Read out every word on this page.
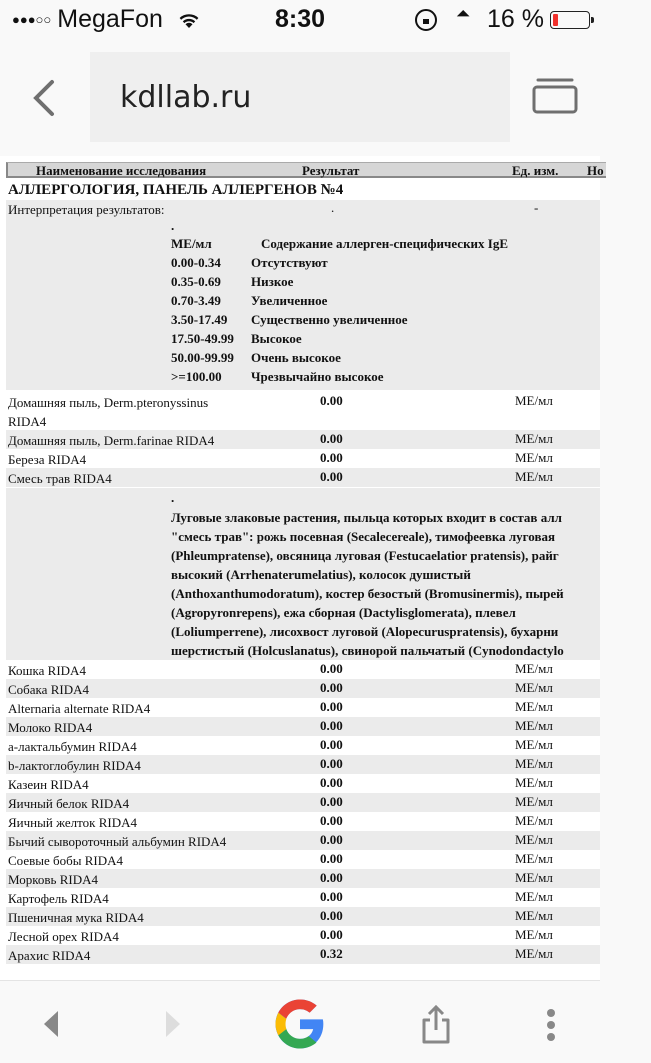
●●●○○ MegaFon	8:30	16 %
kdllab.ru
Наименование исследования	Результат	Ед. изм. Но
АЛЛЕРГОЛОГИЯ, ПАНЕЛЬ АЛЛЕРГЕНОВ №4
Интерпретация результатов:	.	-
.
МЕ/мл	Содержание аллерген-специфических IgE
0.00-0.34 Отсутствуют
0.35-0.69 Низкое
0.70-3.49 Увеличенное
3.50-17.49 Существенно увеличенное
17.50-49.99 Высокое
50.00-99.99 Очень высокое
>=100.00 Чрезвычайно высокое
Домашняя пыль, Derm.pteronyssinus
RIDA4
0.00	МЕ/мл
Домашняя пыль, Derm.farinae RIDA4	0.00	МЕ/мл
Береза RIDA4	0.00	МЕ/мл
Смесь трав RIDA4	0.00	МЕ/мл
.
Луговые злаковые растения, пыльца которых входит в состав алл
"смесь трав": рожь посевная (Secalecereale), тимофеевка луговая
(Phleumpratense), овсяница луговая (Festucaelatior pratensis), райг
высокий (Arrhenaterumelatius), колосок душистый
(Anthoxanthumodoratum), костер безостый (Bromusinermis), пырей
(Agropyronrepens), ежа сборная (Dactylisglomerata), плевел
(Loliumperrene), лисохвост луговой (Alopecuruspratensis), бухарни
шерстистый (Holcuslanatus), свинорой пальчатый (Cynodondactylo
Кошка RIDA4	0.00	МЕ/мл
Собака RIDA4	0.00	МЕ/мл
Alternaria alternate RIDA4	0.00	МЕ/мл
Молоко RIDA4	0.00	МЕ/мл
а-лактальбумин RIDA4	0.00	МЕ/мл
b-лактоглобулин RIDA4	0.00	МЕ/мл
Казеин RIDA4	0.00	МЕ/мл
Яичный белок RIDA4	0.00	МЕ/мл
Яичный желток RIDA4	0.00	МЕ/мл
Бычий сывороточный альбумин RIDA4	0.00	МЕ/мл
Соевые бобы RIDA4	0.00	МЕ/мл
Морковь RIDA4	0.00	МЕ/мл
Картофель RIDA4	0.00	МЕ/мл
Пшеничная мука RIDA4	0.00	МЕ/мл
Лесной орех RIDA4	0.00	МЕ/мл
Арахис RIDA4	0.32	МЕ/мл
